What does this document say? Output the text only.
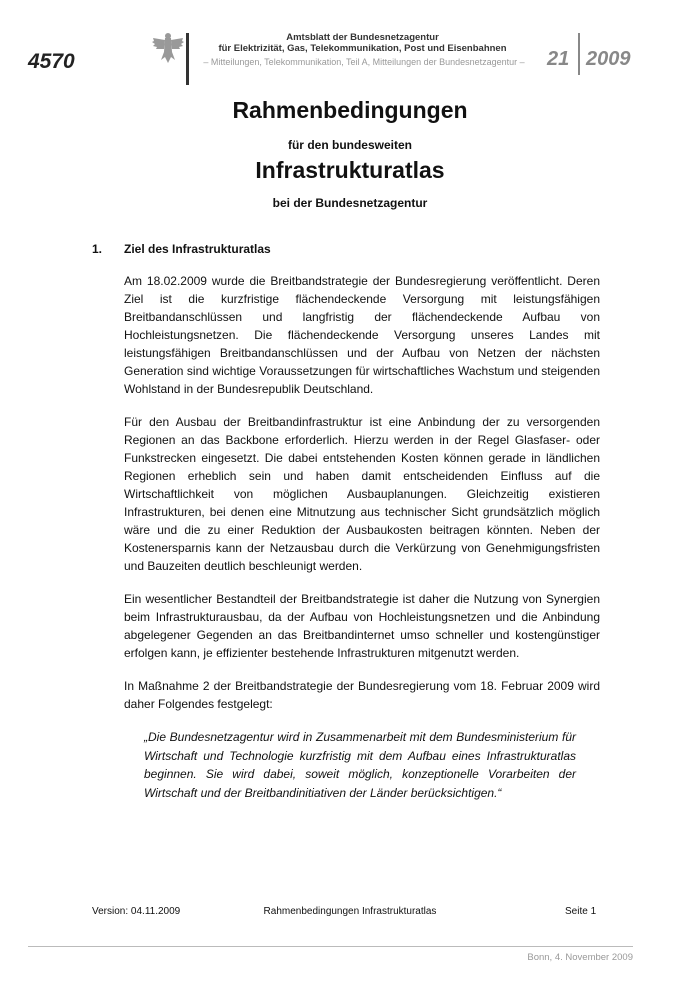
4570
Amtsblatt der Bundesnetzagentur
für Elektrizität, Gas, Telekommunikation, Post und Eisenbahnen
– Mitteilungen, Telekommunikation, Teil A, Mitteilungen der Bundesnetzagentur – 21 2009
Rahmenbedingungen
für den bundesweiten
Infrastrukturatlas
bei der Bundesnetzagentur
1. Ziel des Infrastrukturatlas

Am 18.02.2009 wurde die Breitbandstrategie der Bundesregierung veröffentlicht. Deren Ziel ist die kurzfristige flächendeckende Versorgung mit leistungsfähigen Breitbandanschlüssen und langfristig der flächendeckende Aufbau von Hochleistungsnetzen. Die flächendeckende Versorgung unseres Landes mit leistungsfähigen Breitbandanschlüssen und der Aufbau von Netzen der nächsten Generation sind wichtige Voraussetzungen für wirtschaftliches Wachstum und steigenden Wohlstand in der Bundesrepublik Deutschland.

Für den Ausbau der Breitbandinfrastruktur ist eine Anbindung der zu versorgenden Regionen an das Backbone erforderlich. Hierzu werden in der Regel Glasfaser- oder Funkstrecken eingesetzt. Die dabei entstehenden Kosten können gerade in ländlichen Regionen erheblich sein und haben damit entscheidenden Einfluss auf die Wirtschaftlichkeit von möglichen Ausbauplanungen. Gleichzeitig existieren Infrastrukturen, bei denen eine Mitnutzung aus technischer Sicht grundsätzlich möglich wäre und die zu einer Reduktion der Ausbaukosten beitragen könnten. Neben der Kostenersparnis kann der Netzausbau durch die Verkürzung von Genehmigungsfristen und Bauzeiten deutlich beschleunigt werden.

Ein wesentlicher Bestandteil der Breitbandstrategie ist daher die Nutzung von Synergien beim Infrastrukturausbau, da der Aufbau von Hochleistungsnetzen und die Anbindung abgelegener Gegenden an das Breitbandinternet umso schneller und kostengünstiger erfolgen kann, je effizienter bestehende Infrastrukturen mitgenutzt werden.

In Maßnahme 2 der Breitbandstrategie der Bundesregierung vom 18. Februar 2009 wird daher Folgendes festgelegt:

„Die Bundesnetzagentur wird in Zusammenarbeit mit dem Bundesministerium für Wirtschaft und Technologie kurzfristig mit dem Aufbau eines Infrastrukturatlas beginnen. Sie wird dabei, soweit möglich, konzeptionelle Vorarbeiten der Wirtschaft und der Breitbandinitiativen der Länder berücksichtigen.“

Version: 04.11.2009	Rahmenbedingungen Infrastrukturatlas	Seite 1
Bonn, 4. November 2009
